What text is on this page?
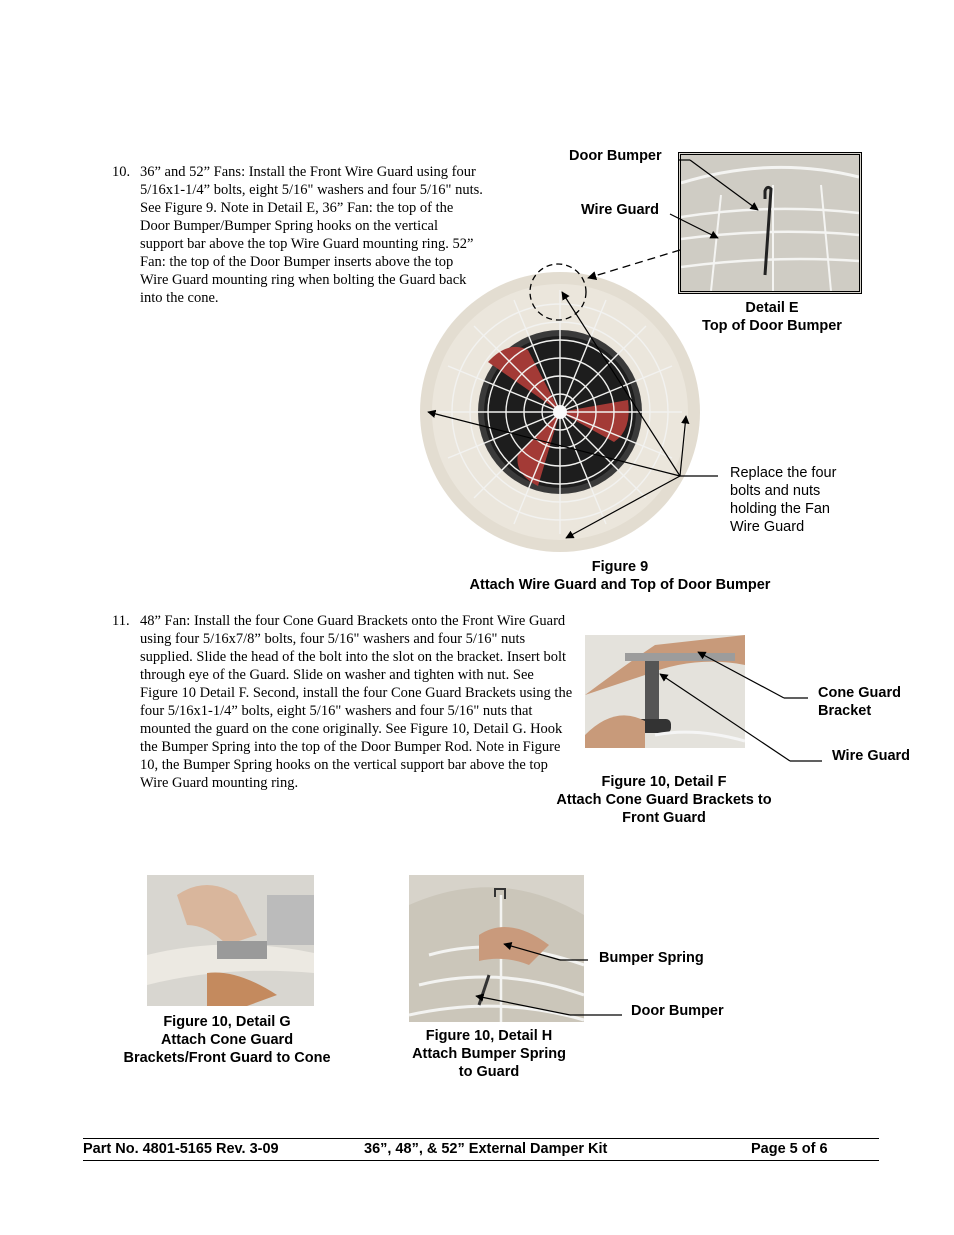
10. 36” and 52” Fans: Install the Front Wire Guard using four 5/16x1-1/4” bolts, eight 5/16" washers and four 5/16" nuts. See Figure 9. Note in Detail E, 36” Fan: the top of the Door Bumper/Bumper Spring hooks on the vertical support bar above the top Wire Guard mounting ring. 52” Fan: the top of the Door Bumper inserts above the top Wire Guard mounting ring when bolting the Guard back into the cone.
Door Bumper
Wire Guard
Detail E
Top of Door Bumper
Replace the four bolts and nuts holding the Fan Wire Guard
Figure 9
Attach Wire Guard and Top of Door Bumper
11. 48” Fan: Install the four Cone Guard Brackets onto the Front Wire Guard using four 5/16x7/8” bolts, four 5/16" washers and four 5/16" nuts supplied. Slide the head of the bolt into the slot on the bracket. Insert bolt through eye of the Guard. Slide on washer and tighten with nut. See Figure 10 Detail F. Second, install the four Cone Guard Brackets using the four 5/16x1-1/4” bolts, eight 5/16" washers and four 5/16" nuts that mounted the guard on the cone originally. See Figure 10, Detail G. Hook the Bumper Spring into the top of the Door Bumper Rod. Note in Figure 10, the Bumper Spring hooks on the vertical support bar above the top Wire Guard mounting ring.
Cone Guard
Bracket
Wire Guard
Figure 10, Detail F
Attach Cone Guard Brackets to
Front Guard
Figure 10, Detail G
Attach Cone Guard
Brackets/Front Guard to Cone
Bumper Spring
Door Bumper
Figure 10, Detail H
Attach Bumper Spring
to Guard
Part No. 4801-5165 Rev. 3-09	36”, 48”, & 52” External Damper Kit	Page 5 of 6
